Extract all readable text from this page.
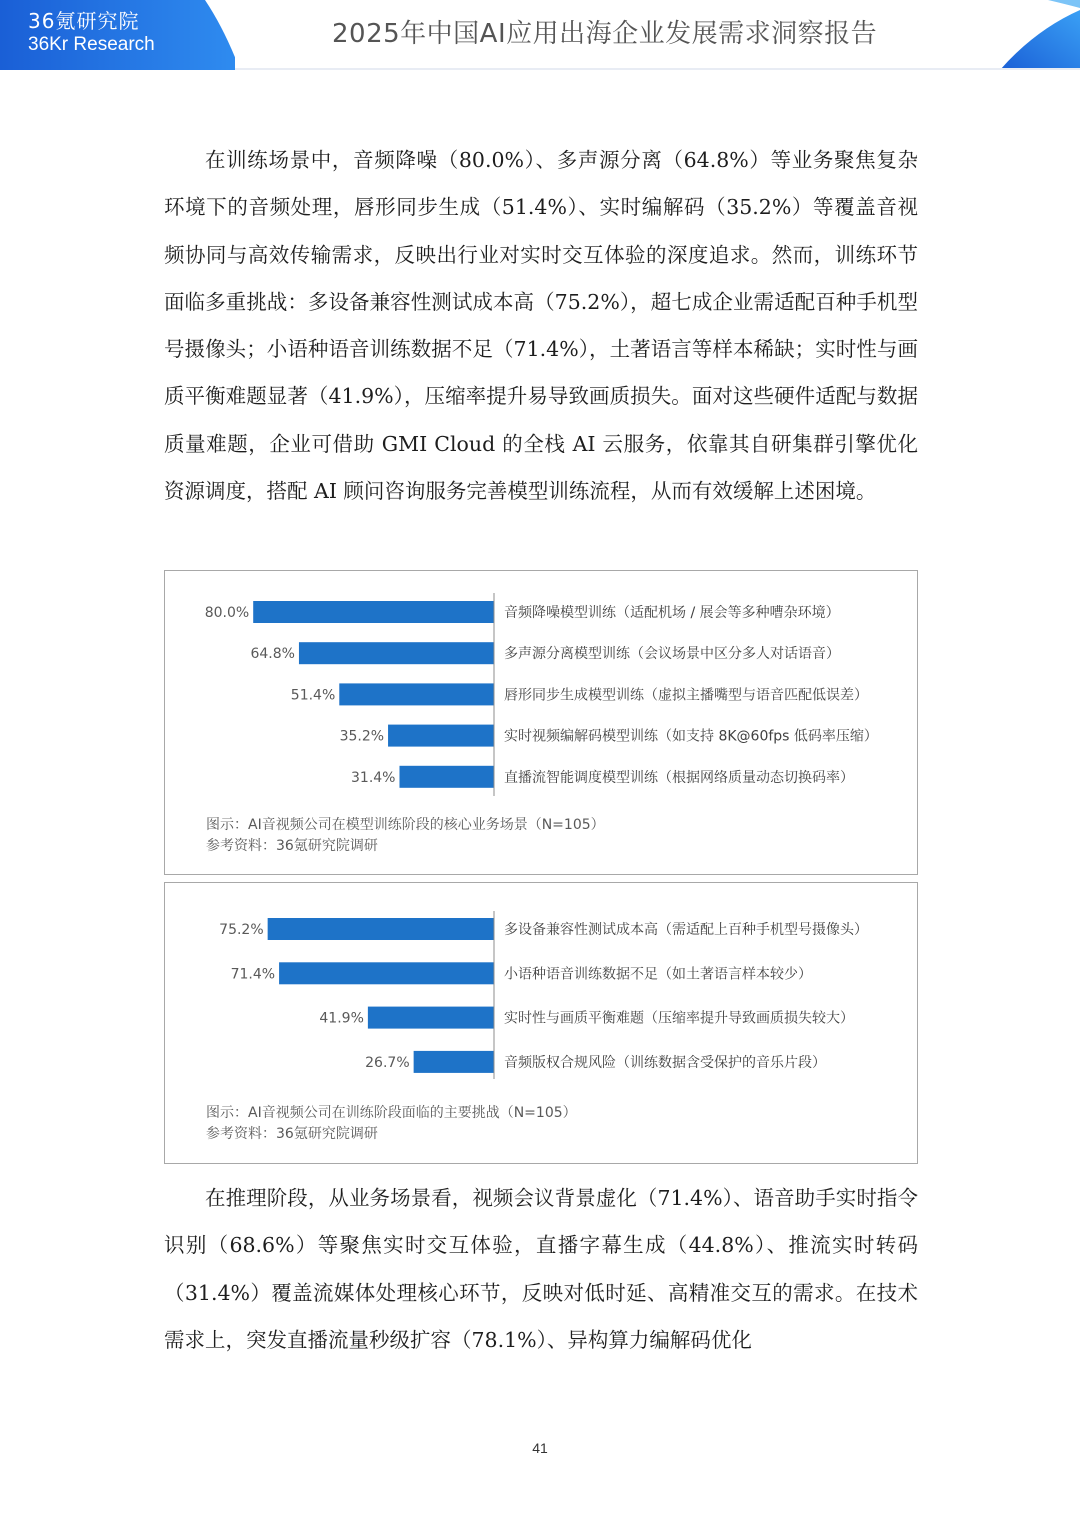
36氪研究院
36Kr Research	2025年中国AI应用出海企业发展需求洞察报告

在训练场景中，音频降噪（80.0%）、多声源分离（64.8%）等业务聚焦复杂环境下的音频处理，唇形同步生成（51.4%）、实时编解码（35.2%）等覆盖音视频协同与高效传输需求，反映出行业对实时交互体验的深度追求。然而，训练环节面临多重挑战：多设备兼容性测试成本高（75.2%），超七成企业需适配百种手机型号摄像头；小语种语音训练数据不足（71.4%），土著语言等样本稀缺；实时性与画质平衡难题显著（41.9%），压缩率提升易导致画质损失。面对这些硬件适配与数据质量难题，企业可借助 GMI Cloud 的全栈 AI 云服务，依靠其自研集群引擎优化资源调度，搭配 AI 顾问咨询服务完善模型训练流程，从而有效缓解上述困境。

80.0%	音频降噪模型训练（适配机场 / 展会等多种嘈杂环境）
64.8%	多声源分离模型训练（会议场景中区分多人对话语音）
51.4%	唇形同步生成模型训练（虚拟主播嘴型与语音匹配低误差）
35.2%	实时视频编解码模型训练（如支持 8K@60fps 低码率压缩）
31.4%	直播流智能调度模型训练（根据网络质量动态切换码率）
图示：AI音视频公司在模型训练阶段的核心业务场景（N=105）
参考资料：36氪研究院调研
75.2%	多设备兼容性测试成本高（需适配上百种手机型号摄像头）
71.4%	小语种语音训练数据不足（如土著语言样本较少）
41.9%	实时性与画质平衡难题（压缩率提升导致画质损失较大）
26.7%	音频版权合规风险（训练数据含受保护的音乐片段）
图示：AI音视频公司在训练阶段面临的主要挑战（N=105）
参考资料：36氪研究院调研

在推理阶段，从业务场景看，视频会议背景虚化（71.4%）、语音助手实时指令识别（68.6%）等聚焦实时交互体验，直播字幕生成（44.8%）、推流实时转码（31.4%）覆盖流媒体处理核心环节，反映对低时延、高精准交互的需求。在技术需求上，突发直播流量秒级扩容（78.1%）、异构算力编解码优化

41
